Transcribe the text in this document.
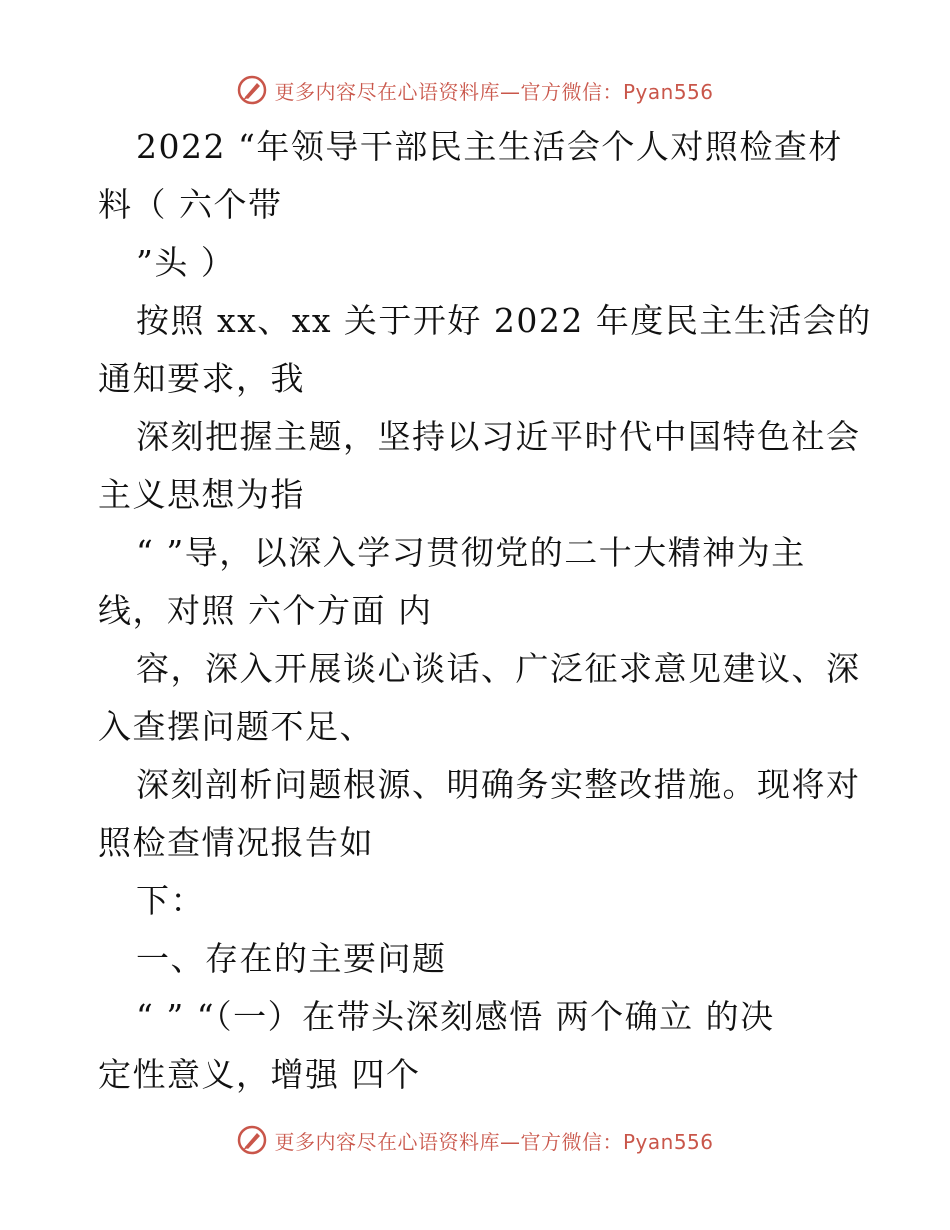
更多内容尽在心语资料库—官方微信：Pyan556
2022 “年领导干部民主生活会个人对照检查材
料（ 六个带
”头 ）
按照 xx、xx 关于开好 2022 年度民主生活会的
通知要求，我
深刻把握主题，坚持以习近平时代中国特色社会
主义思想为指
“ ”导，以深入学习贯彻党的二十大精神为主
线，对照 六个方面 内
容，深入开展谈心谈话、广泛征求意见建议、深
入查摆问题不足、
深刻剖析问题根源、明确务实整改措施。现将对
照检查情况报告如
下：
一、存在的主要问题
“ ” “（一）在带头深刻感悟 两个确立 的决
定性意义，增强 四个
更多内容尽在心语资料库—官方微信：Pyan556
